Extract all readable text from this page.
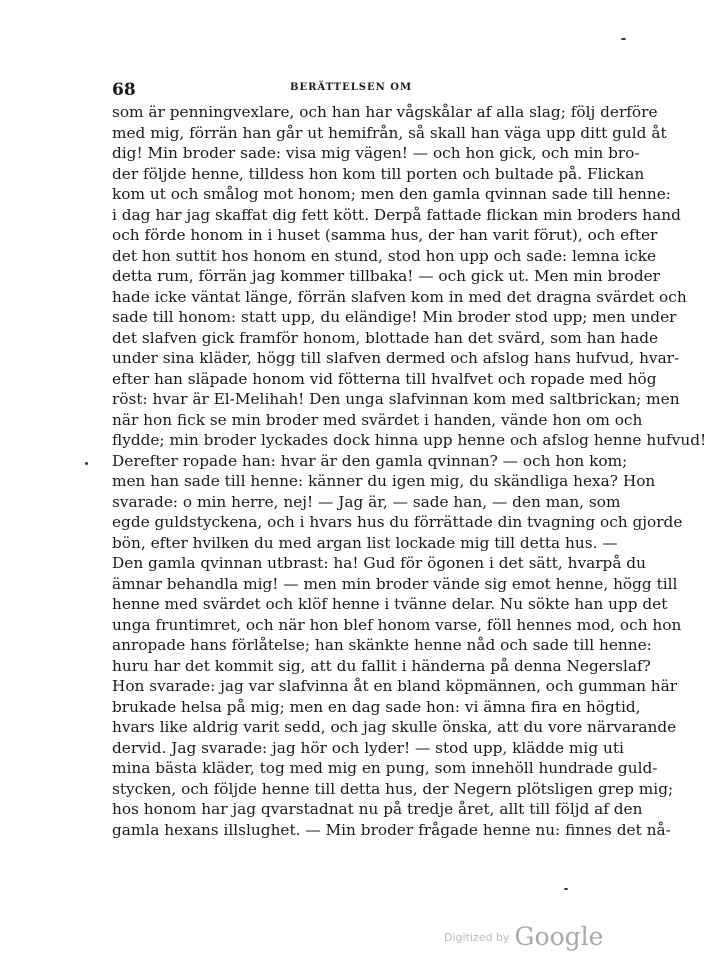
68	BERÄTTELSEN OM
som är penningvexlare, och han har vågskålar af alla slag; följ derföre
med mig, förrän han går ut hemifrån, så skall han väga upp ditt guld åt
dig! Min broder sade: visa mig vägen! — och hon gick, och min bro-
der följde henne, tilldess hon kom till porten och bultade på. Flickan
kom ut och smålog mot honom; men den gamla qvinnan sade till henne:
i dag har jag skaffat dig fett kött. Derpå fattade flickan min broders hand
och förde honom in i huset (samma hus, der han varit förut), och efter
det hon suttit hos honom en stund, stod hon upp och sade: lemna icke
detta rum, förrän jag kommer tillbaka! — och gick ut. Men min broder
hade icke väntat länge, förrän slafven kom in med det dragna svärdet och
sade till honom: statt upp, du eländige! Min broder stod upp; men under
det slafven gick framför honom, blottade han det svärd, som han hade
under sina kläder, högg till slafven dermed och afslog hans hufvud, hvar-
efter han släpade honom vid fötterna till hvalfvet och ropade med hög
röst: hvar är El-Melihah! Den unga slafvinnan kom med saltbrickan; men
när hon fick se min broder med svärdet i handen, vände hon om och
flydde; min broder lyckades dock hinna upp henne och afslog henne hufvud!
Derefter ropade han: hvar är den gamla qvinnan? — och hon kom;
men han sade till henne: känner du igen mig, du skändliga hexa? Hon
svarade: o min herre, nej! — Jag är, — sade han, — den man, som
egde guldstyckena, och i hvars hus du förrättade din tvagning och gjorde
bön, efter hvilken du med argan list lockade mig till detta hus. —
Den gamla qvinnan utbrast: ha! Gud för ögonen i det sätt, hvarpå du
ämnar behandla mig! — men min broder vände sig emot henne, högg till
henne med svärdet och klöf henne i tvänne delar. Nu sökte han upp det
unga fruntimret, och när hon blef honom varse, föll hennes mod, och hon
anropade hans förlåtelse; han skänkte henne nåd och sade till henne:
huru har det kommit sig, att du fallit i händerna på denna Negerslaf?
Hon svarade: jag var slafvinna åt en bland köpmännen, och gumman här
brukade helsa på mig; men en dag sade hon: vi ämna fira en högtid,
hvars like aldrig varit sedd, och jag skulle önska, att du vore närvarande
dervid. Jag svarade: jag hör och lyder! — stod upp, klädde mig uti
mina bästa kläder, tog med mig en pung, som innehöll hundrade guld-
stycken, och följde henne till detta hus, der Negern plötsligen grep mig;
hos honom har jag qvarstadnat nu på tredje året, allt till följd af den
gamla hexans illslughet. — Min broder frågade henne nu: finnes det nå-
$^{Digitized by}$ Google
